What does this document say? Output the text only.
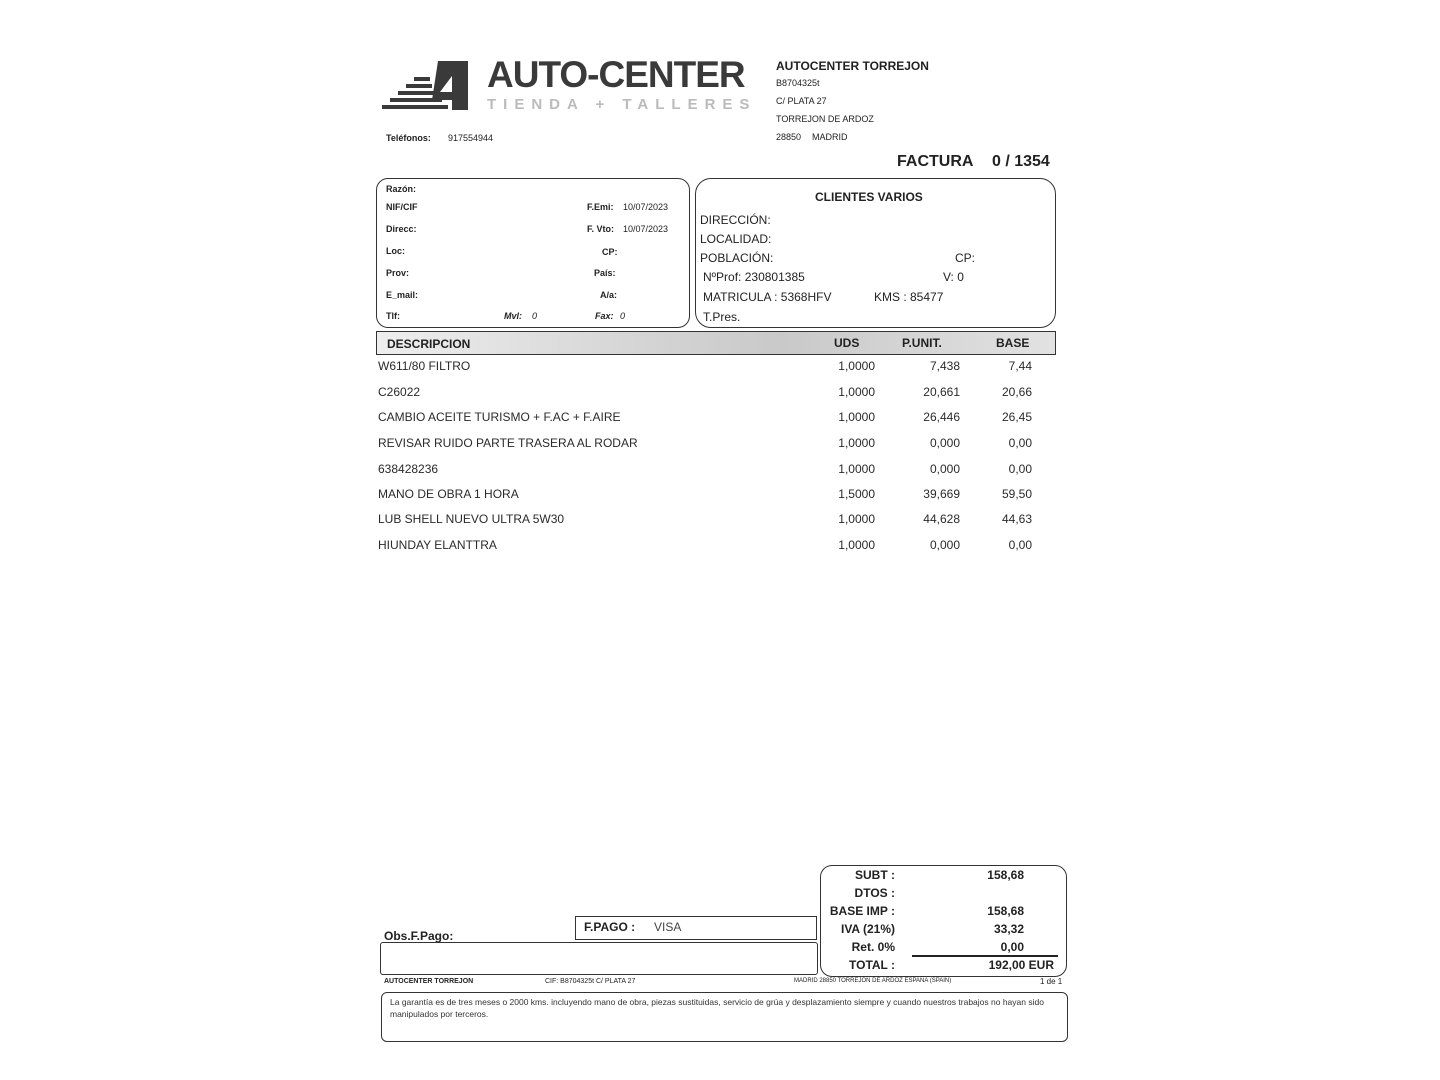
AUTO-CENTER
TIENDA + TALLERES
Teléfonos: 917554944
AUTOCENTER TORREJON
B8704325t
C/ PLATA 27
TORREJON DE ARDOZ
28850 MADRID
FACTURA 0 / 1354
Razón:
NIF/CIF
Direcc:
Loc:
Prov:
E_mail:
Tlf:	Mvl: 0
F.Emi: 10/07/2023
F. Vto: 10/07/2023
CP:
País:
A/a:
Fax: 0
CLIENTES VARIOS
DIRECCIÓN:
LOCALIDAD:
POBLACIÓN:	CP:
NºProf: 230801385	V: 0
MATRICULA : 5368HFV	KMS : 85477
T.Pres.
DESCRIPCION	UDS	P.UNIT.	BASE
W611/80 FILTRO	1,0000	7,438	7,44
C26022	1,0000	20,661	20,66
CAMBIO ACEITE TURISMO + F.AC + F.AIRE	1,0000	26,446	26,45
REVISAR RUIDO PARTE TRASERA AL RODAR	1,0000	0,000	0,00
638428236	1,0000	0,000	0,00
MANO DE OBRA 1 HORA	1,5000	39,669	59,50
LUB SHELL NUEVO ULTRA 5W30	1,0000	44,628	44,63
HIUNDAY ELANTTRA	1,0000	0,000	0,00
SUBT :	158,68
DTOS :
BASE IMP :	158,68
IVA (21%)	33,32
Ret. 0%	0,00
TOTAL :	192,00 EUR
Obs.F.Pago:
F.PAGO : VISA
AUTOCENTER TORREJON	CIF: B8704325t C/ PLATA 27	MADRID 28850 TORREJON DE ARDOZ ESPAÑA (SPAIN)	1 de 1
La garantía es de tres meses o 2000 kms. incluyendo mano de obra, piezas sustituidas, servicio de grúa y desplazamiento siempre y cuando nuestros trabajos no hayan sido manipulados por terceros.
